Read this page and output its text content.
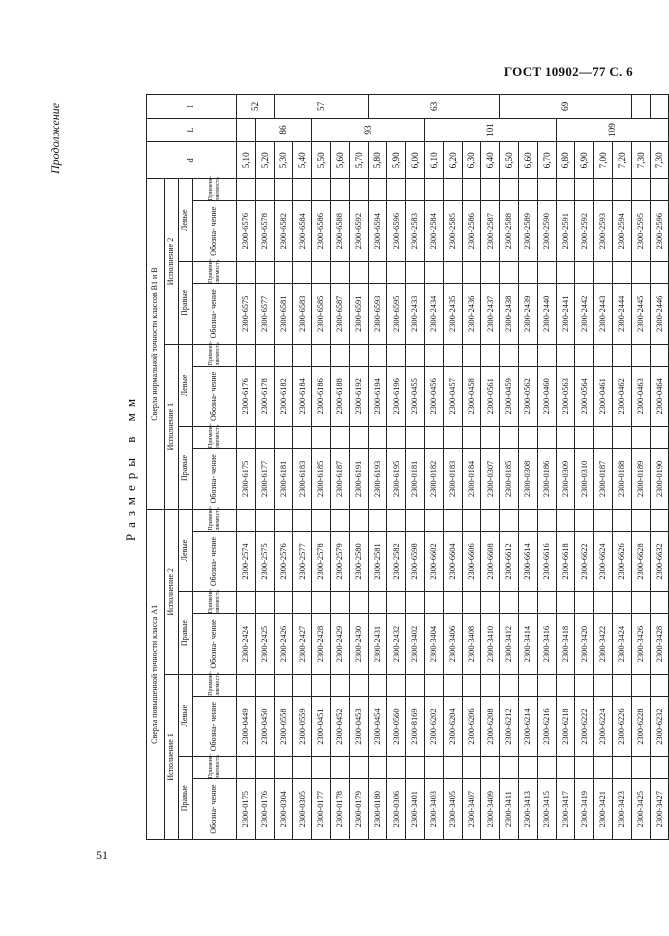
ГОСТ 10902—77 С. 6
Продолжение
51
Размеры в мм
Сверла повышенной точности класса А1								Сверла нормальной точности классов В1 и В								d	L	l
Исполнение 1				Исполнение 2				Исполнение 1				Исполнение 2						
Правые		Левые		Правые		Левые		Правые		Левые		Правые		Левые				
Обозна- чение	Примене- ляемость	Обозна- чение	Примене- ляемость	Обозна- чение	Примене- ляемость	Обозна- чение	Примене- ляемость	Обозна- чение	Примене- ляемость	Обозна- чение	Примене- ляемость	Обозна- чение	Примене- ляемость	Обозна- чение	Примене- ляемость			
2300-0175		2300-0449		2300-2424		2300-2574		2300-6175		2300-6176		2300-6575		2300-6576		5,10		52
2300-0176		2300-0450		2300-2425		2300-2575		2300-6177		2300-6178		2300-6577		2300-6578		5,20	86	
2300-0304		2300-0558		2300-2426		2300-2576		2300-6181		2300-6182		2300-6581		2300-6582		5,30		57
2300-0305		2300-0559		2300-2427		2300-2577		2300-6183		2300-6184		2300-6583		2300-6584		5,40		
2300-0177		2300-0451		2300-2428		2300-2578		2300-6185		2300-6186		2300-6585		2300-6586		5,50	93	
2300-0178		2300-0452		2300-2429		2300-2579		2300-6187		2300-6188		2300-6587		2300-6588		5,60		
2300-0179		2300-0453		2300-2430		2300-2580		2300-6191		2300-6192		2300-6591		2300-6592		5,70		
2300-0180		2300-0454		2300-2431		2300-2581		2300-6193		2300-6194		2300-6593		2300-6594		5,80		63
2300-0306		2300-0560		2300-2432		2300-2582		2300-6195		2300-6196		2300-6595		2300-6596		5,90		
2300-3401		2300-8169		2300-3402		2300-6598		2300-0181		2300-0455		2300-2433		2300-2583		6,00		
2300-3403		2300-6202		2300-3404		2300-6602		2300-0182		2300-0456		2300-2434		2300-2584		6,10	101	
2300-3405		2300-6204		2300-3406		2300-6604		2300-0183		2300-0457		2300-2435		2300-2585		6,20		
2300-3407		2300-6206		2300-3408		2300-6606		2300-0184		2300-0458		2300-2436		2300-2586		6,30		
2300-3409		2300-6208		2300-3410		2300-6608		2300-0307		2300-0561		2300-2437		2300-2587		6,40		
2300-3411		2300-6212		2300-3412		2300-6612		2300-0185		2300-0459		2300-2438		2300-2588		6,50		69
2300-3413		2300-6214		2300-3414		2300-6614		2300-0308		2300-0562		2300-2439		2300-2589		6,60		
2300-3415		2300-6216		2300-3416		2300-6616		2300-0186		2300-0460		2300-2440		2300-2590		6,70		
2300-3417		2300-6218		2300-3418		2300-6618		2300-0309		2300-0563		2300-2441		2300-2591		6,80	109	
2300-3419		2300-6222		2300-3420		2300-6622		2300-0310		2300-0564		2300-2442		2300-2592		6,90		
2300-3421		2300-6224		2300-3422		2300-6624		2300-0187		2300-0461		2300-2443		2300-2593		7,00		
2300-3423		2300-6226		2300-3424		2300-6626		2300-0188		2300-0462		2300-2444		2300-2594		7,20		
2300-3425		2300-6228		2300-3426		2300-6628		2300-0189		2300-0463		2300-2445		2300-2595		7,30		
2300-3427		2300-6232		2300-3428		2300-6632		2300-0190		2300-0464		2300-2446		2300-2596		7,30		
